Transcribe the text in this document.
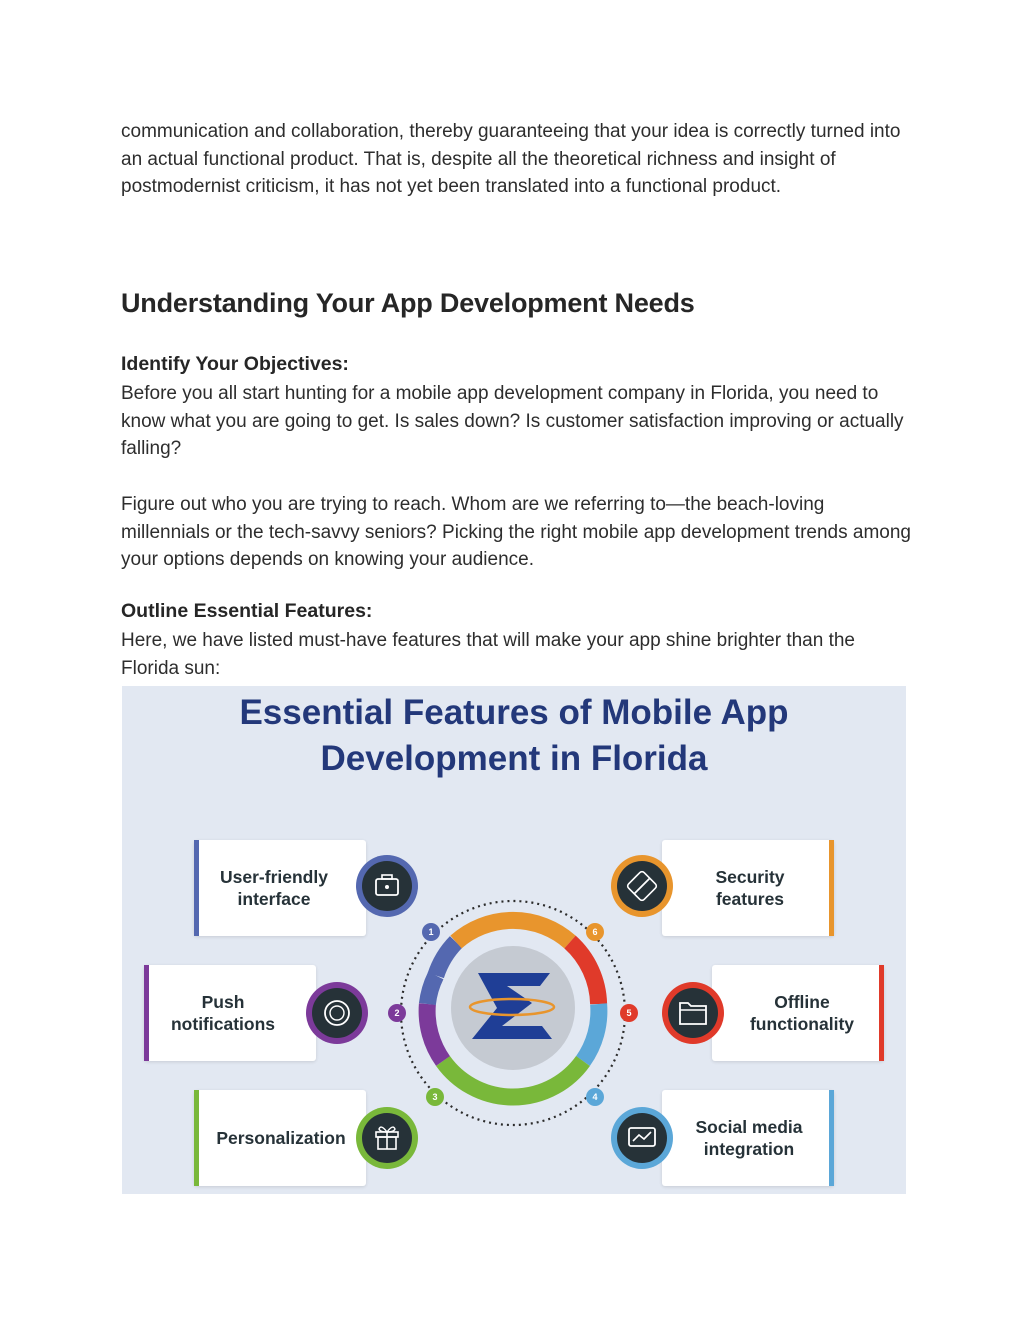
communication and collaboration, thereby guaranteeing that your idea is correctly turned into an actual functional product. That is, despite all the theoretical richness and insight of postmodernist criticism, it has not yet been translated into a functional product.

Understanding Your App Development Needs
Identify Your Objectives:

Before you all start hunting for a mobile app development company in Florida, you need to know what you are going to get. Is sales down? Is customer satisfaction improving or actually falling?

Figure out who you are trying to reach. Whom are we referring to—the beach-loving millennials or the tech-savvy seniors? Picking the right mobile app development trends among your options depends on knowing your audience.

Outline Essential Features:

Here, we have listed must-have features that will make your app shine brighter than the Florida sun:

Essential Features of Mobile App
Development in Florida
1
2
3	4
5
6
User-friendly
interface
Push
notifications
Personalization
Security
features
Offline
functionality
Social media
integration
